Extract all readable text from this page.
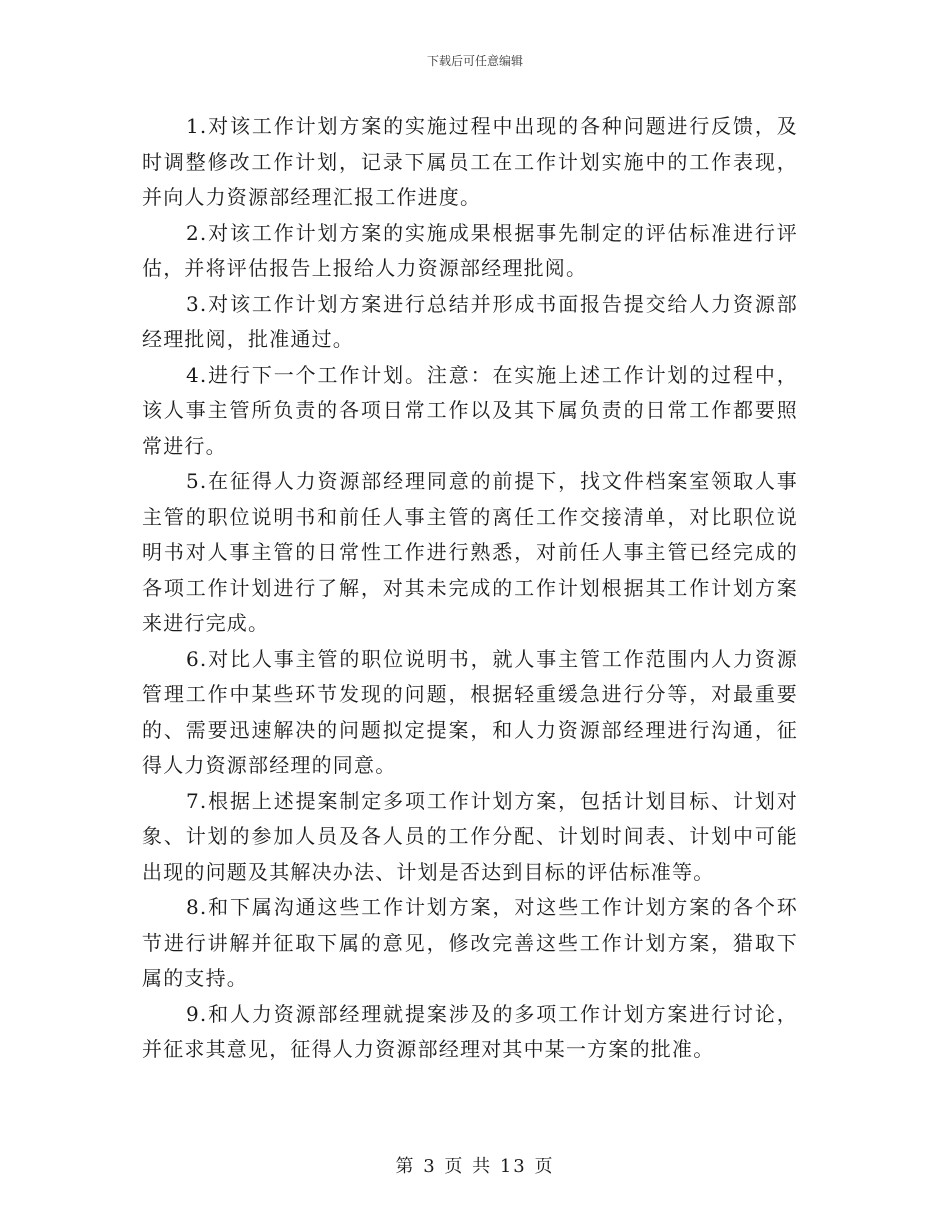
下载后可任意编辑

1.对该工作计划方案的实施过程中出现的各种问题进行反馈，及时调整修改工作计划，记录下属员工在工作计划实施中的工作表现，并向人力资源部经理汇报工作进度。

2.对该工作计划方案的实施成果根据事先制定的评估标准进行评估，并将评估报告上报给人力资源部经理批阅。

3.对该工作计划方案进行总结并形成书面报告提交给人力资源部经理批阅，批准通过。

4.进行下一个工作计划。注意：在实施上述工作计划的过程中，该人事主管所负责的各项日常工作以及其下属负责的日常工作都要照常进行。

5.在征得人力资源部经理同意的前提下，找文件档案室领取人事主管的职位说明书和前任人事主管的离任工作交接清单，对比职位说明书对人事主管的日常性工作进行熟悉，对前任人事主管已经完成的各项工作计划进行了解，对其未完成的工作计划根据其工作计划方案来进行完成。

6.对比人事主管的职位说明书，就人事主管工作范围内人力资源管理工作中某些环节发现的问题，根据轻重缓急进行分等，对最重要的、需要迅速解决的问题拟定提案，和人力资源部经理进行沟通，征得人力资源部经理的同意。

7.根据上述提案制定多项工作计划方案，包括计划目标、计划对象、计划的参加人员及各人员的工作分配、计划时间表、计划中可能出现的问题及其解决办法、计划是否达到目标的评估标准等。

8.和下属沟通这些工作计划方案，对这些工作计划方案的各个环节进行讲解并征取下属的意见，修改完善这些工作计划方案，猎取下属的支持。

9.和人力资源部经理就提案涉及的多项工作计划方案进行讨论，并征求其意见，征得人力资源部经理对其中某一方案的批准。

第 3 页 共 13 页
